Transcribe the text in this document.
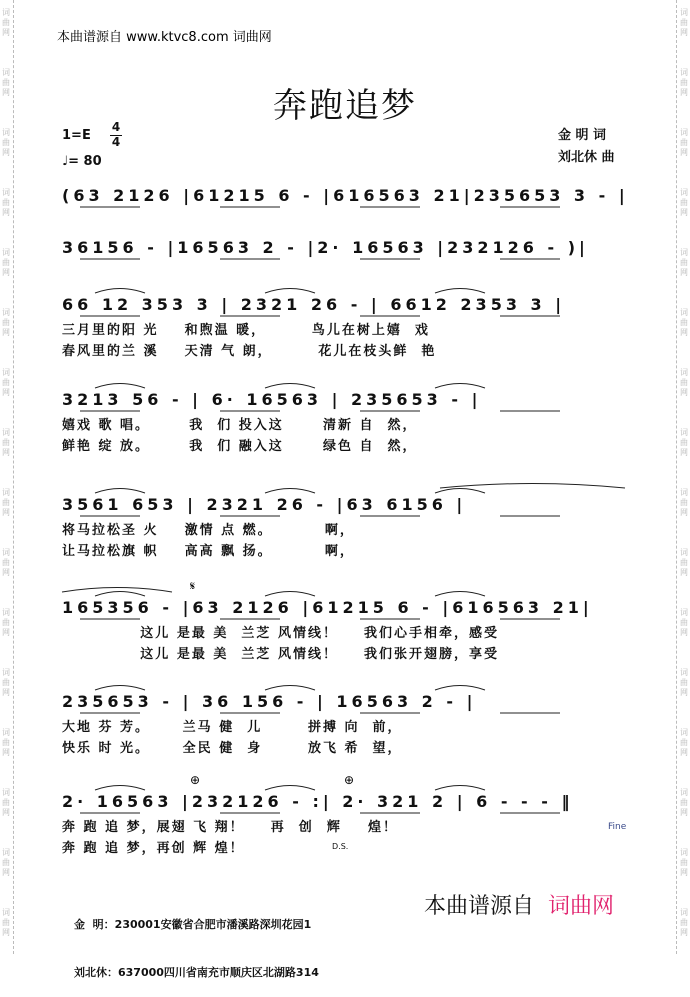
词
曲
网
词
曲
网
词
曲
网
词
曲
网
词
曲
网
词
曲
网
词
曲
网
词
曲
网
词
曲
网
词
曲
网
词
曲
网
词
曲
网
词
曲
网
词
曲
网
词
曲
网
词
曲
网
词
曲
网
词
曲
网
词
曲
网
词
曲
网
词
曲
网
词
曲
网
词
曲
网
词
曲
网
词
曲
网
词
曲
网
词
曲
网
词
曲
网
词
曲
网
词
曲
网
词
曲
网
词
曲
网
本曲谱源自 www.ktvc8.com 词曲网
奔跑追梦
1=E
4
4
♩= 80
金 明 词
刘北休 曲
(63 2126 |61215 6 - |616563 21|235653 3 - |
36156 - |16563 2 - |2· 16563 |232126 - )|
66 12 353 3 | 2321 26 - | 6612 2353 3 |
三月里的阳 光    和煦温 暖，       鸟儿在树上嬉  戏
春风里的兰 溪    天清 气 朗，       花儿在枝头鲜  艳
3213 56 - | 6· 16563 | 235653 - |
嬉戏 歌 唱。      我  们 投入这      清新 自  然，
鲜艳 绽 放。      我  们 融入这      绿色 自  然，
3561 653 | 2321 26 - |63 6156 |
将马拉松圣 火    激情 点 燃。        啊，
让马拉松旗 帜    高高 飘 扬。        啊，
165356 - |63 2126 |61215 6 - |616563 21|
这儿 是最 美  兰芝 风情线！    我们心手相牵，感受
这儿 是最 美  兰芝 风情线！    我们张开翅膀，享受
235653 - | 36 156 - | 16563 2 - |
大地 芬 芳。     兰马 健  儿       拼搏 向  前，
快乐 时 光。     全民 健  身       放飞 希  望，
2· 16563 |232126 - :| 2· 321 2 | 6 - - - ‖
奔 跑 追 梦，展翅 飞 翔！    再  创  辉    煌！
奔 跑 追 梦，再创 辉 煌！
Fine
D.S.

金  明：230001安徽省合肥市潘溪路深圳花园1

刘北休：637000四川省南充市顺庆区北湖路314

本曲谱源自 词曲网
𝄋
⊕	⊕
